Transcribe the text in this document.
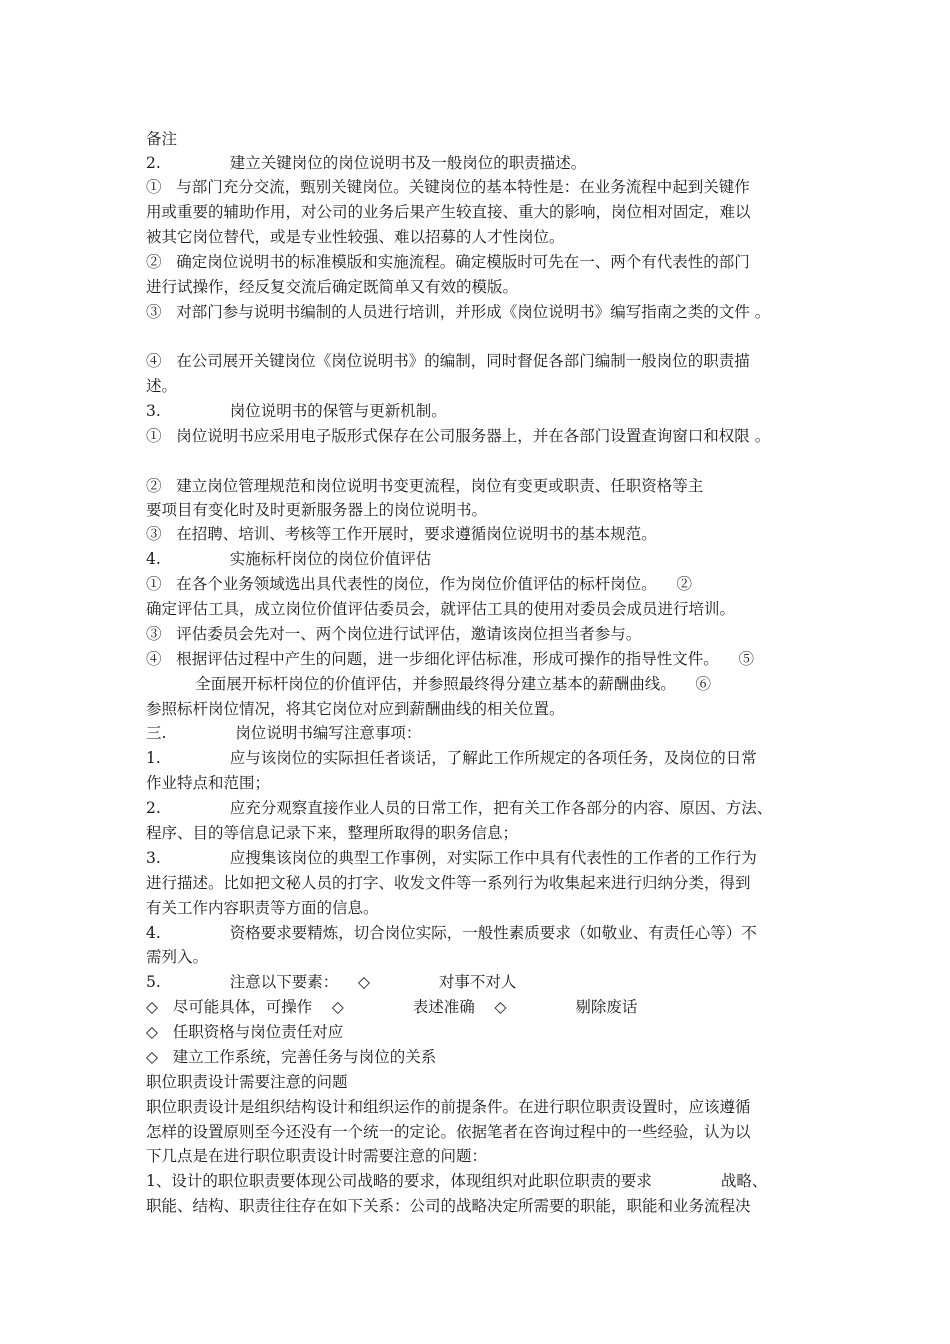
备注

2.              建立关键岗位的岗位说明书及一般岗位的职责描述。

①   与部门充分交流，甄别关键岗位。关键岗位的基本特性是：在业务流程中起到关键作

用或重要的辅助作用，对公司的业务后果产生较直接、重大的影响，岗位相对固定，难以

被其它岗位替代，或是专业性较强、难以招募的人才性岗位。

②   确定岗位说明书的标准模版和实施流程。确定模版时可先在一、两个有代表性的部门

进行试操作，经反复交流后确定既简单又有效的模版。

③   对部门参与说明书编制的人员进行培训，并形成《岗位说明书》编写指南之类的文件 。

④   在公司展开关键岗位《岗位说明书》的编制，同时督促各部门编制一般岗位的职责描

述。

3.              岗位说明书的保管与更新机制。

①   岗位说明书应采用电子版形式保存在公司服务器上，并在各部门设置查询窗口和权限 。

②   建立岗位管理规范和岗位说明书变更流程，岗位有变更或职责、任职资格等主

要项目有变化时及时更新服务器上的岗位说明书。

③   在招聘、培训、考核等工作开展时，要求遵循岗位说明书的基本规范。

4.              实施标杆岗位的岗位价值评估

①   在各个业务领域选出具代表性的岗位，作为岗位价值评估的标杆岗位。    ②

确定评估工具，成立岗位价值评估委员会，就评估工具的使用对委员会成员进行培训。

③   评估委员会先对一、两个岗位进行试评估，邀请该岗位担当者参与。

④   根据评估过程中产生的问题，进一步细化评估标准，形成可操作的指导性文件。    ⑤

全面展开标杆岗位的价值评估，并参照最终得分建立基本的薪酬曲线。    ⑥

参照标杆岗位情况，将其它岗位对应到薪酬曲线的相关位置。

三.              岗位说明书编写注意事项：

1.              应与该岗位的实际担任者谈话，了解此工作所规定的各项任务，及岗位的日常

作业特点和范围；

2.              应充分观察直接作业人员的日常工作，把有关工作各部分的内容、原因、方法、

程序、目的等信息记录下来，整理所取得的职务信息；

3.              应搜集该岗位的典型工作事例，对实际工作中具有代表性的工作者的工作行为

进行描述。比如把文秘人员的打字、收发文件等一系列行为收集起来进行归纳分类，得到

有关工作内容职责等方面的信息。

4.              资格要求要精炼，切合岗位实际，一般性素质要求（如敬业、有责任心等）不

需列入。

5.              注意以下要素：    ◇              对事不对人

◇   尽可能具体，可操作    ◇              表述准确    ◇              剔除废话

◇   任职资格与岗位责任对应

◇   建立工作系统，完善任务与岗位的关系

职位职责设计需要注意的问题

职位职责设计是组织结构设计和组织运作的前提条件。在进行职位职责设置时，应该遵循

怎样的设置原则至今还没有一个统一的定论。依据笔者在咨询过程中的一些经验，认为以

下几点是在进行职位职责设计时需要注意的问题：

1、设计的职位职责要体现公司战略的要求，体现组织对此职位职责的要求              战略、

职能、结构、职责往往存在如下关系：公司的战略决定所需要的职能，职能和业务流程决
